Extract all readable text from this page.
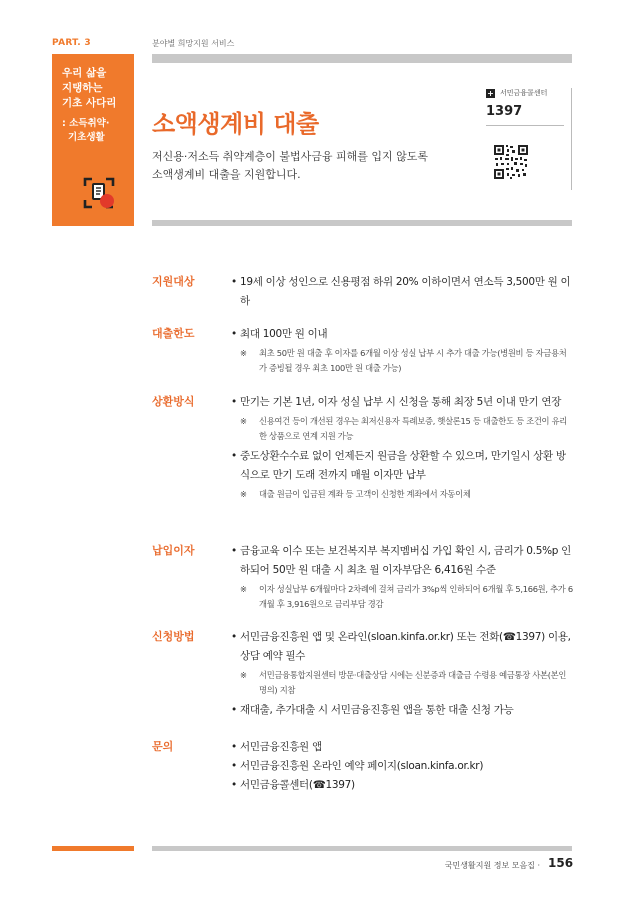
PART. 3	분야별 희망지원 서비스
우리 삶을
지탱하는
기초 사다리
: 소득취약·
기초생활	소액생계비 대출
저신용·저소득 취약계층이 불법사금융 피해를 입지 않도록
소액생계비 대출을 지원합니다.
+ 서민금융콜센터
1397
지원대상	• 19세 이상 성인으로 신용평점 하위 20% 이하이면서 연소득 3,500만 원 이하
대출한도	• 최대 100만 원 이내
※ 최초 50만 원 대출 후 이자를 6개월 이상 성실 납부 시 추가 대출 가능(병원비 등 자금용처가 증빙될 경우 최초 100만 원 대출 가능)
상환방식	• 만기는 기본 1년, 이자 성실 납부 시 신청을 통해 최장 5년 이내 만기 연장
※ 신용여건 등이 개선된 경우는 최저신용자 특례보증, 햇살론15 등 대출한도 등 조건이 유리한 상품으로 연계 지원 가능
• 중도상환수수료 없이 언제든지 원금을 상환할 수 있으며, 만기일시 상환 방식으로 만기 도래 전까지 매월 이자만 납부
※ 대출 원금이 입금된 계좌 등 고객이 신청한 계좌에서 자동이체
납입이자	• 금융교육 이수 또는 보건복지부 복지멤버십 가입 확인 시, 금리가 0.5%p 인하되어 50만 원 대출 시 최초 월 이자부담은 6,416원 수준
※ 이자 성실납부 6개월마다 2차례에 걸쳐 금리가 3%p씩 인하되어 6개월 후 5,166원, 추가 6개월 후 3,916원으로 금리부담 경감
신청방법	• 서민금융진흥원 앱 및 온라인(sloan.kinfa.or.kr) 또는 전화(☎1397) 이용, 상담 예약 필수
※ 서민금융통합지원센터 방문·대출상담 시에는 신분증과 대출금 수령용 예금통장 사본(본인명의) 지참
• 재대출, 추가대출 시 서민금융진흥원 앱을 통한 대출 신청 가능
문의	• 서민금융진흥원 앱
• 서민금융진흥원 온라인 예약 페이지(sloan.kinfa.or.kr)
• 서민금융콜센터(☎1397)
국민생활지원 정보 모음집 · 156
